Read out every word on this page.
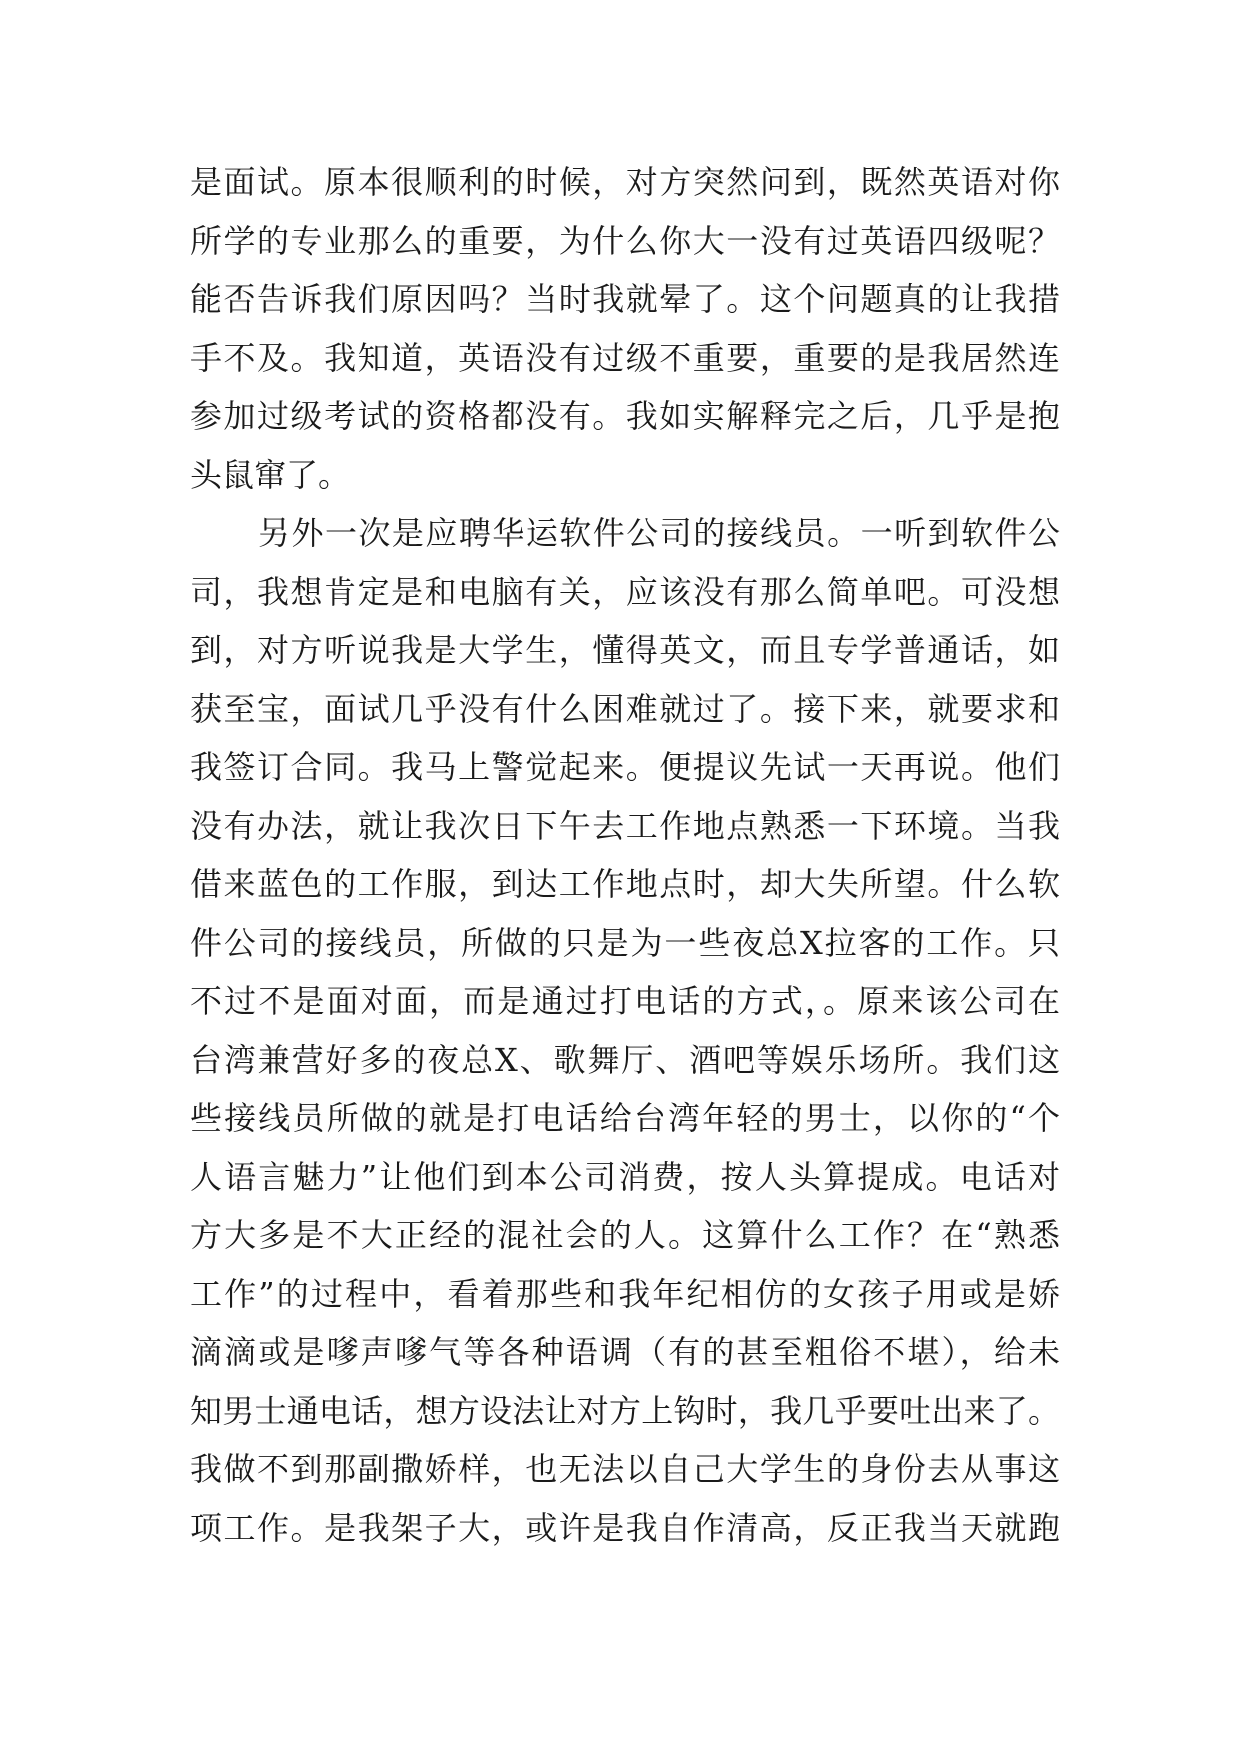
是面试。原本很顺利的时候，对方突然问到，既然英语对你
所学的专业那么的重要，为什么你大一没有过英语四级呢？
能否告诉我们原因吗？当时我就晕了。这个问题真的让我措
手不及。我知道，英语没有过级不重要，重要的是我居然连
参加过级考试的资格都没有。我如实解释完之后，几乎是抱
头鼠窜了。
另外一次是应聘华运软件公司的接线员。一听到软件公
司，我想肯定是和电脑有关，应该没有那么简单吧。可没想
到，对方听说我是大学生，懂得英文，而且专学普通话，如
获至宝，面试几乎没有什么困难就过了。接下来，就要求和
我签订合同。我马上警觉起来。便提议先试一天再说。他们
没有办法，就让我次日下午去工作地点熟悉一下环境。当我
借来蓝色的工作服，到达工作地点时，却大失所望。什么软
件公司的接线员，所做的只是为一些夜总X拉客的工作。只
不过不是面对面，而是通过打电话的方式，。原来该公司在
台湾兼营好多的夜总X、歌舞厅、酒吧等娱乐场所。我们这
些接线员所做的就是打电话给台湾年轻的男士，以你的“个
人语言魅力”让他们到本公司消费，按人头算提成。电话对
方大多是不大正经的混社会的人。这算什么工作？在“熟悉
工作”的过程中，看着那些和我年纪相仿的女孩子用或是娇
滴滴或是嗲声嗲气等各种语调（有的甚至粗俗不堪），给未
知男士通电话，想方设法让对方上钩时，我几乎要吐出来了。
我做不到那副撒娇样，也无法以自己大学生的身份去从事这
项工作。是我架子大，或许是我自作清高，反正我当天就跑
